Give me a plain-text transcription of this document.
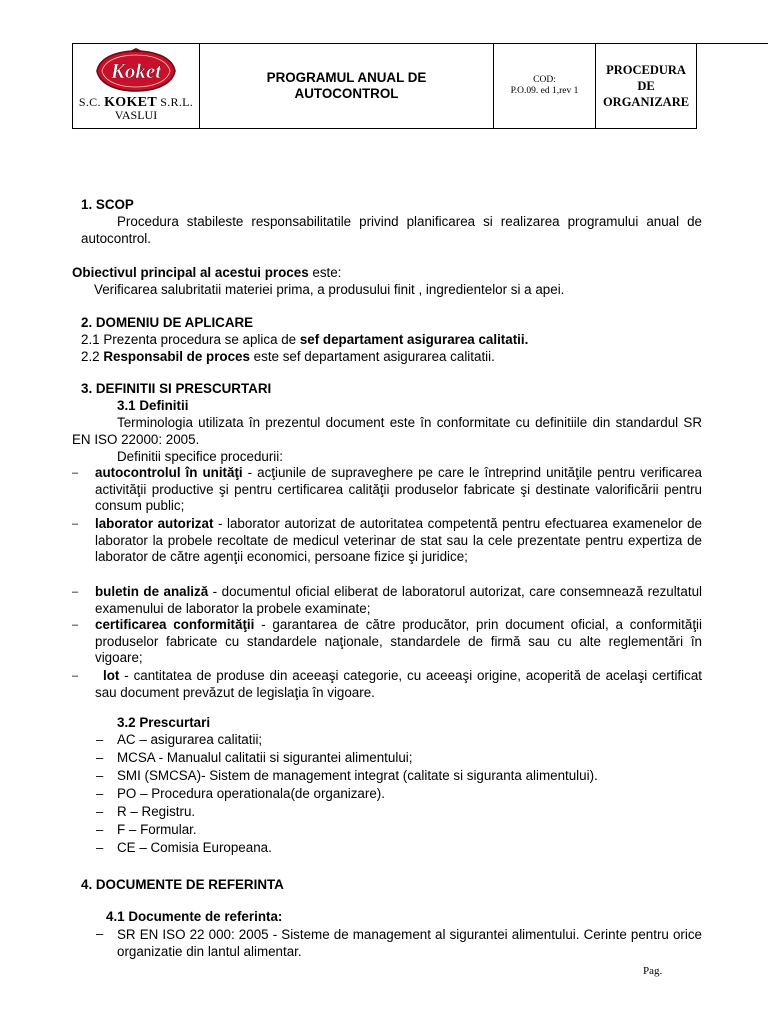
Koket
S.C. KOKET S.R.L.
VASLUI

PROGRAMUL ANUAL DE
AUTOCONTROL

COD:
P.O.09. ed 1,rev 1

PROCEDURA
DE
ORGANIZARE

1. SCOP
Procedura stabileste responsabilitatile privind planificarea si realizarea programului anual de autocontrol.
Obiectivul principal al acestui proces este:
Verificarea salubritatii materiei prima, a produsului finit , ingredientelor si a apei.
2. DOMENIU DE APLICARE
2.1 Prezenta procedura se aplica de sef departament asigurarea calitatii.
2.2 Responsabil de proces este sef departament asigurarea calitatii.
3. DEFINITII SI PRESCURTARI
3.1 Definitii
Terminologia utilizata în prezentul document este în conformitate cu definitiile din standardul SR EN ISO 22000: 2005.
Definitii specifice procedurii:
– autocontrolul în unităţi - acţiunile de supraveghere pe care le întreprind unităţile pentru verificarea activităţii productive şi pentru certificarea calităţii produselor fabricate şi destinate valorificării pentru consum public;
– laborator autorizat - laborator autorizat de autoritatea competentă pentru efectuarea examenelor de laborator la probele recoltate de medicul veterinar de stat sau la cele prezentate pentru expertiza de laborator de către agenţii economici, persoane fizice şi juridice;
– buletin de analiză - documentul oficial eliberat de laboratorul autorizat, care consemnează rezultatul examenului de laborator la probele examinate;
– certificarea conformităţii - garantarea de către producător, prin document oficial, a conformităţii produselor fabricate cu standardele naţionale, standardele de firmă sau cu alte reglementări în vigoare;
–	lot - cantitatea de produse din aceeaşi categorie, cu aceeaşi origine, acoperită de acelaşi certificat sau document prevăzut de legislaţia în vigoare.
3.2 Prescurtari
– AC – asigurarea calitatii;
– MCSA - Manualul calitatii si sigurantei alimentului;
– SMI (SMCSA)- Sistem de management integrat (calitate si siguranta alimentului).
– PO – Procedura operationala(de organizare).
– R – Registru.
– F – Formular.
– CE – Comisia Europeana.
4. DOCUMENTE DE REFERINTA
4.1 Documente de referinta:
– SR EN ISO 22 000: 2005 - Sisteme de management al sigurantei alimentului. Cerinte pentru orice organizatie din lantul alimentar.
Pag.
